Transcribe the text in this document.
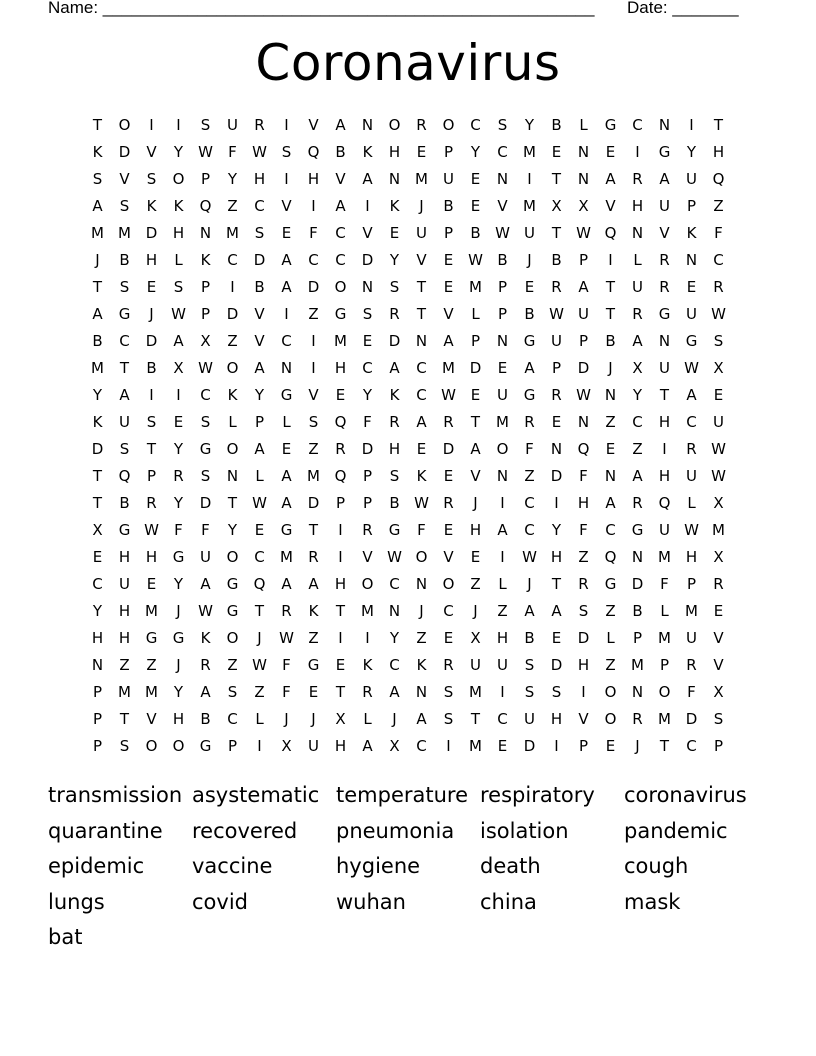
Name: ____________________________________________________ Date: _______
Coronavirus
T	O	I	I	S	U	R	I	V	A	N	O	R	O	C	S	Y	B	L	G	C	N	I	T
K	D	V	Y	W	F	W S	Q	B	K	H	E	P	Y	C	M	E	N	E	I	G	Y	H
S	V	S	O	P	Y	H	I	H	V	A	N M	U	E	N	I	T	N	A	R	A	U	Q
A	S	K	K	Q	Z	C	V	I	A	I	K	J	B	E	V	M	X	X	V	H	U	P	Z
M M D	H	N M	S	E	F	C	V	E	U	P	B W U	T	W Q	N	V	K	F
J	B	H	L	K	C	D	A	C	C	D	Y	V	E W B	J	B	P	I	L	R	N	C
T	S	E	S	P	I	B	A	D	O	N	S	T	E	M	P	E	R	A	T	U	R	E	R
A	G	J	W	P	D	V	I	Z	G	S	R	T	V	L	P	B W U	T	R	G	U W
B	C	D	A	X	Z	V	C	I	M	E	D	N	A	P	N	G	U	P	B	A	N	G	S
M	T	B	X W O	A	N	I	H	C	A	C	M D	E	A	P	D	J	X	U W X
Y	A	I	I	C	K	Y	G	V	E	Y	K	C W E	U	G	R W N	Y	T	A	E
K	U	S	E	S	L	P	L	S	Q	F	R	A	R	T	M	R	E	N	Z	C	H	C	U
D	S	T	Y	G	O	A	E	Z	R	D	H	E	D	A	O	F	N	Q	E	Z	I	R W
T	Q	P	R	S	N	L	A	M Q	P	S	K	E	V	N	Z	D	F	N	A	H	U W
T	B	R	Y	D	T	W A	D	P	P	B W R	J	I	C	I	H	A	R	Q	L	X
X	G W	F	F	Y	E	G	T	I	R	G	F	E	H	A	C	Y	F	C	G	U W M
E	H	H	G	U	O	C	M	R	I	V W O	V	E	I	W H	Z	Q	N M H	X
C	U	E	Y	A	G	Q	A	A	H	O	C	N	O	Z	L	J	T	R	G	D	F	P	R
Y	H M	J	W G	T	R	K	T	M N	J	C	J	Z	A	A	S	Z	B	L	M	E
H	H	G	G	K	O	J	W Z	I	I	Y	Z	E	X	H	B	E	D	L	P	M	U	V
N	Z	Z	J	R	Z W	F	G	E	K	C	K	R	U	U	S	D	H	Z	M	P	R	V
P	M M	Y	A	S	Z	F	E	T	R	A	N	S	M	I	S	S	I	O	N	O	F	X
P	T	V	H	B	C	L	J	J	X	L	J	A	S	T	C	U	H	V	O	R	M D	S
P	S	O	O	G	P	I	X	U	H	A	X	C	I	M	E	D	I	P	E	J	T	C	P
transmission asystematic temperature respiratory	coronavirus
quarantine	recovered	pneumonia	isolation	pandemic
epidemic	vaccine	hygiene	death	cough
lungs	covid	wuhan	china	mask
bat
